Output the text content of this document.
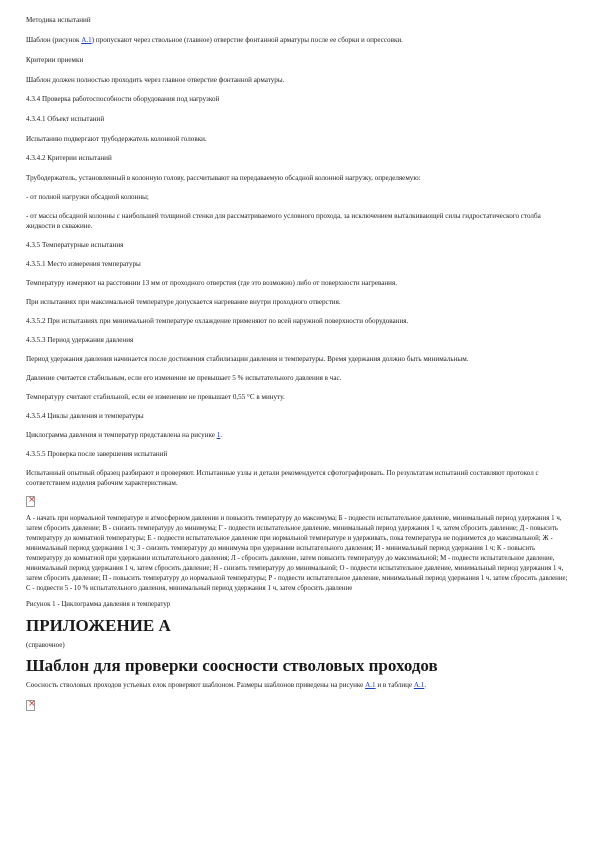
Методика испытаний

Шаблон (рисунок А.1) пропускают через ствольное (главное) отверстие фонтанной арматуры после ее сборки и опрессовки.

Критерии приемки

Шаблон должен полностью проходить через главное отверстие фонтанной арматуры.

4.3.4 Проверка работоспособности оборудования под нагрузкой

4.3.4.1 Объект испытаний

Испытанию подвергают трубодержатель колонной головки.

4.3.4.2 Критерии испытаний

Трубодержатель, установленный в колонную голову, рассчитывают на передаваемую обсадной колонной нагрузку, определяемую:

- от полной нагрузки обсадной колонны;

- от массы обсадной колонны с наибольшей толщиной стенки для рассматриваемого условного прохода, за исключением выталкивающей силы гидростатического столба жидкости в скважине.

4.3.5 Температурные испытания

4.3.5.1 Место измерения температуры

Температуру измеряют на расстоянии 13 мм от проходного отверстия (где это возможно) либо от поверхности нагревания.

При испытаниях при максимальной температуре допускается нагревание внутри проходного отверстия.

4.3.5.2 При испытаниях при минимальной температуре охлаждение применяют по всей наружной поверхности оборудования.

4.3.5.3 Период удержания давления

Период удержания давления начинается после достижения стабилизации давления и температуры. Время удержания должно быть минимальным.

Давление считается стабильным, если его изменение не превышает 5 % испытательного давления в час.

Температуру считают стабильной, если ее изменение не превышает 0,55 °С в минуту.

4.3.5.4 Циклы давления и температуры

Циклограмма давления и температур представлена на рисунке 1.

4.3.5.5 Проверка после завершения испытаний

Испытанный опытный образец разбирают и проверяют. Испытанные узлы и детали рекомендуется сфотографировать. По результатам испытаний составляют протокол с соответствием изделия рабочим характеристикам.

×

А - начать при нормальной температуре и атмосферном давлении и повысить температуру до максимума; Б - подвести испытательное давление, минимальный период удержания 1 ч, затем сбросить давление; В - снизить температуру до минимума; Г - подвести испытательное давление, минимальный период удержания 1 ч, затем сбросить давление; Д - повысить температуру до комнатной температуры; Е - подвести испытательное давление при нормальной температуре и удерживать, пока температура не поднимется до максимальной; Ж - минимальный период удержания 1 ч; З - снизить температуру до минимума при удержании испытательного давления; И - минимальный период удержания 1 ч; К - повысить температуру до комнатной при удержании испытательного давления; Л - сбросить давление, затем повысить температуру до максимальной; М - подвести испытательное давление, минимальный период удержания 1 ч, затем сбросить давление; Н - снизить температуру до минимальной; О - подвести испытательное давление, минимальный период удержания 1 ч, затем сбросить давление; П - повысить температуру до нормальной температуры; Р - подвести испытательное давление, минимальный период удержания 1 ч, затем сбросить давление; С - подвести 5 - 10 % испытательного давления, минимальный период удержания 1 ч, затем сбросить давление

Рисунок 1 - Циклограмма давления и температур

ПРИЛОЖЕНИЕ А

(справочное)

Шаблон для проверки соосности стволовых проходов

Соосность стволовых проходов устьевых елок проверяют шаблоном. Размеры шаблонов приведены на рисунке А.1 и в таблице А.1.

×
